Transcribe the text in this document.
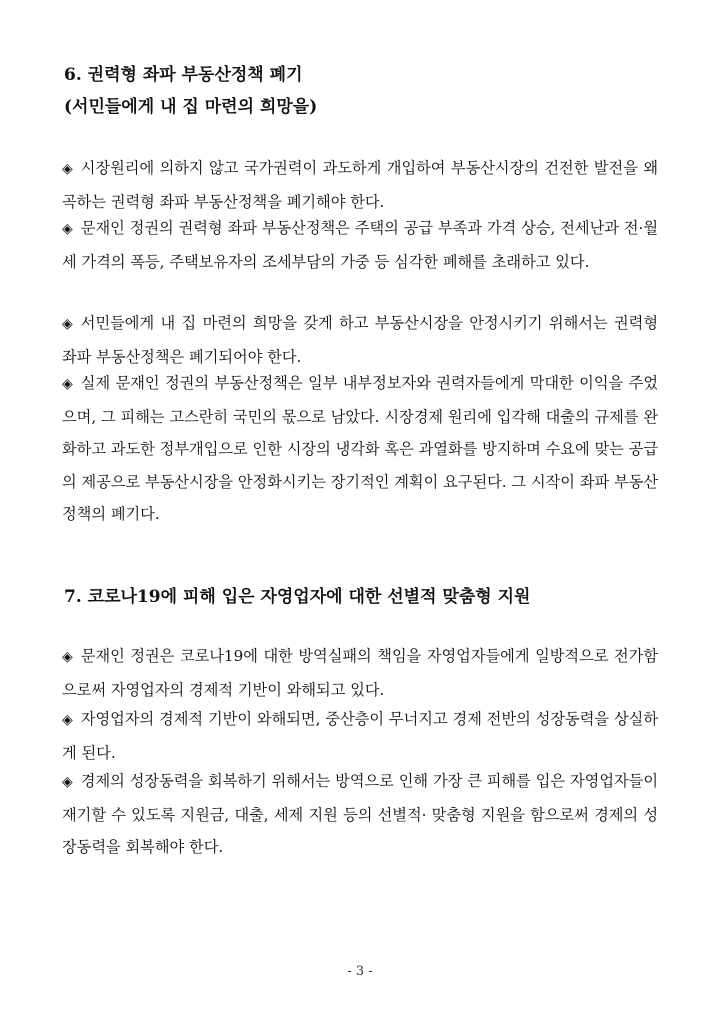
6. 권력형 좌파 부동산정책 폐기
(서민들에게 내 집 마련의 희망을)

◈ 시장원리에 의하지 않고 국가권력이 과도하게 개입하여 부동산시장의 건전한 발전을 왜곡하는 권력형 좌파 부동산정책을 폐기해야 한다.

◈ 문재인 정권의 권력형 좌파 부동산정책은 주택의 공급 부족과 가격 상승, 전세난과 전·월세 가격의 폭등, 주택보유자의 조세부담의 가중 등 심각한 폐해를 초래하고 있다.

◈ 서민들에게 내 집 마련의 희망을 갖게 하고 부동산시장을 안정시키기 위해서는 권력형 좌파 부동산정책은 폐기되어야 한다.

◈ 실제 문재인 정권의 부동산정책은 일부 내부정보자와 권력자들에게 막대한 이익을 주었으며, 그 피해는 고스란히 국민의 몫으로 남았다. 시장경제 원리에 입각해 대출의 규제를 완화하고 과도한 정부개입으로 인한 시장의 냉각화 혹은 과열화를 방지하며 수요에 맞는 공급의 제공으로 부동산시장을 안정화시키는 장기적인 계획이 요구된다. 그 시작이 좌파 부동산정책의 폐기다.

7. 코로나19에 피해 입은 자영업자에 대한 선별적 맞춤형 지원

◈ 문재인 정권은 코로나19에 대한 방역실패의 책임을 자영업자들에게 일방적으로 전가함으로써 자영업자의 경제적 기반이 와해되고 있다.

◈ 자영업자의 경제적 기반이 와해되면, 중산층이 무너지고 경제 전반의 성장동력을 상실하게 된다.

◈ 경제의 성장동력을 회복하기 위해서는 방역으로 인해 가장 큰 피해를 입은 자영업자들이 재기할 수 있도록 지원금, 대출, 세제 지원 등의 선별적· 맞춤형 지원을 함으로써 경제의 성장동력을 회복해야 한다.

- 3 -
